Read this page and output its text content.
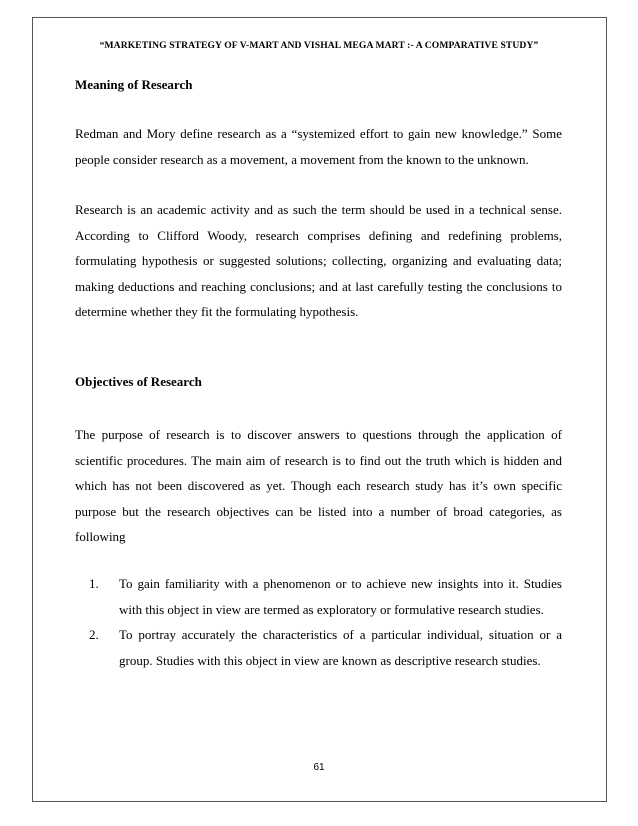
“MARKETING STRATEGY OF V-MART AND VISHAL MEGA MART :- A COMPARATIVE STUDY”
Meaning of Research

Redman and Mory define research as a “systemized effort to gain new knowledge.” Some people consider research as a movement, a movement from the known to the unknown.

Research is an academic activity and as such the term should be used in a technical sense. According to Clifford Woody, research comprises defining and redefining problems, formulating hypothesis or suggested solutions; collecting, organizing and evaluating data; making deductions and reaching conclusions; and at last carefully testing the conclusions to determine whether they fit the formulating hypothesis.

Objectives of Research

The purpose of research is to discover answers to questions through the application of scientific procedures. The main aim of research is to find out the truth which is hidden and which has not been discovered as yet. Though each research study has it’s own specific purpose but the research objectives can be listed into a number of broad categories, as following

1. To gain familiarity with a phenomenon or to achieve new insights into it. Studies with this object in view are termed as exploratory or formulative research studies.
2. To portray accurately the characteristics of a particular individual, situation or a group. Studies with this object in view are known as descriptive research studies.
61
